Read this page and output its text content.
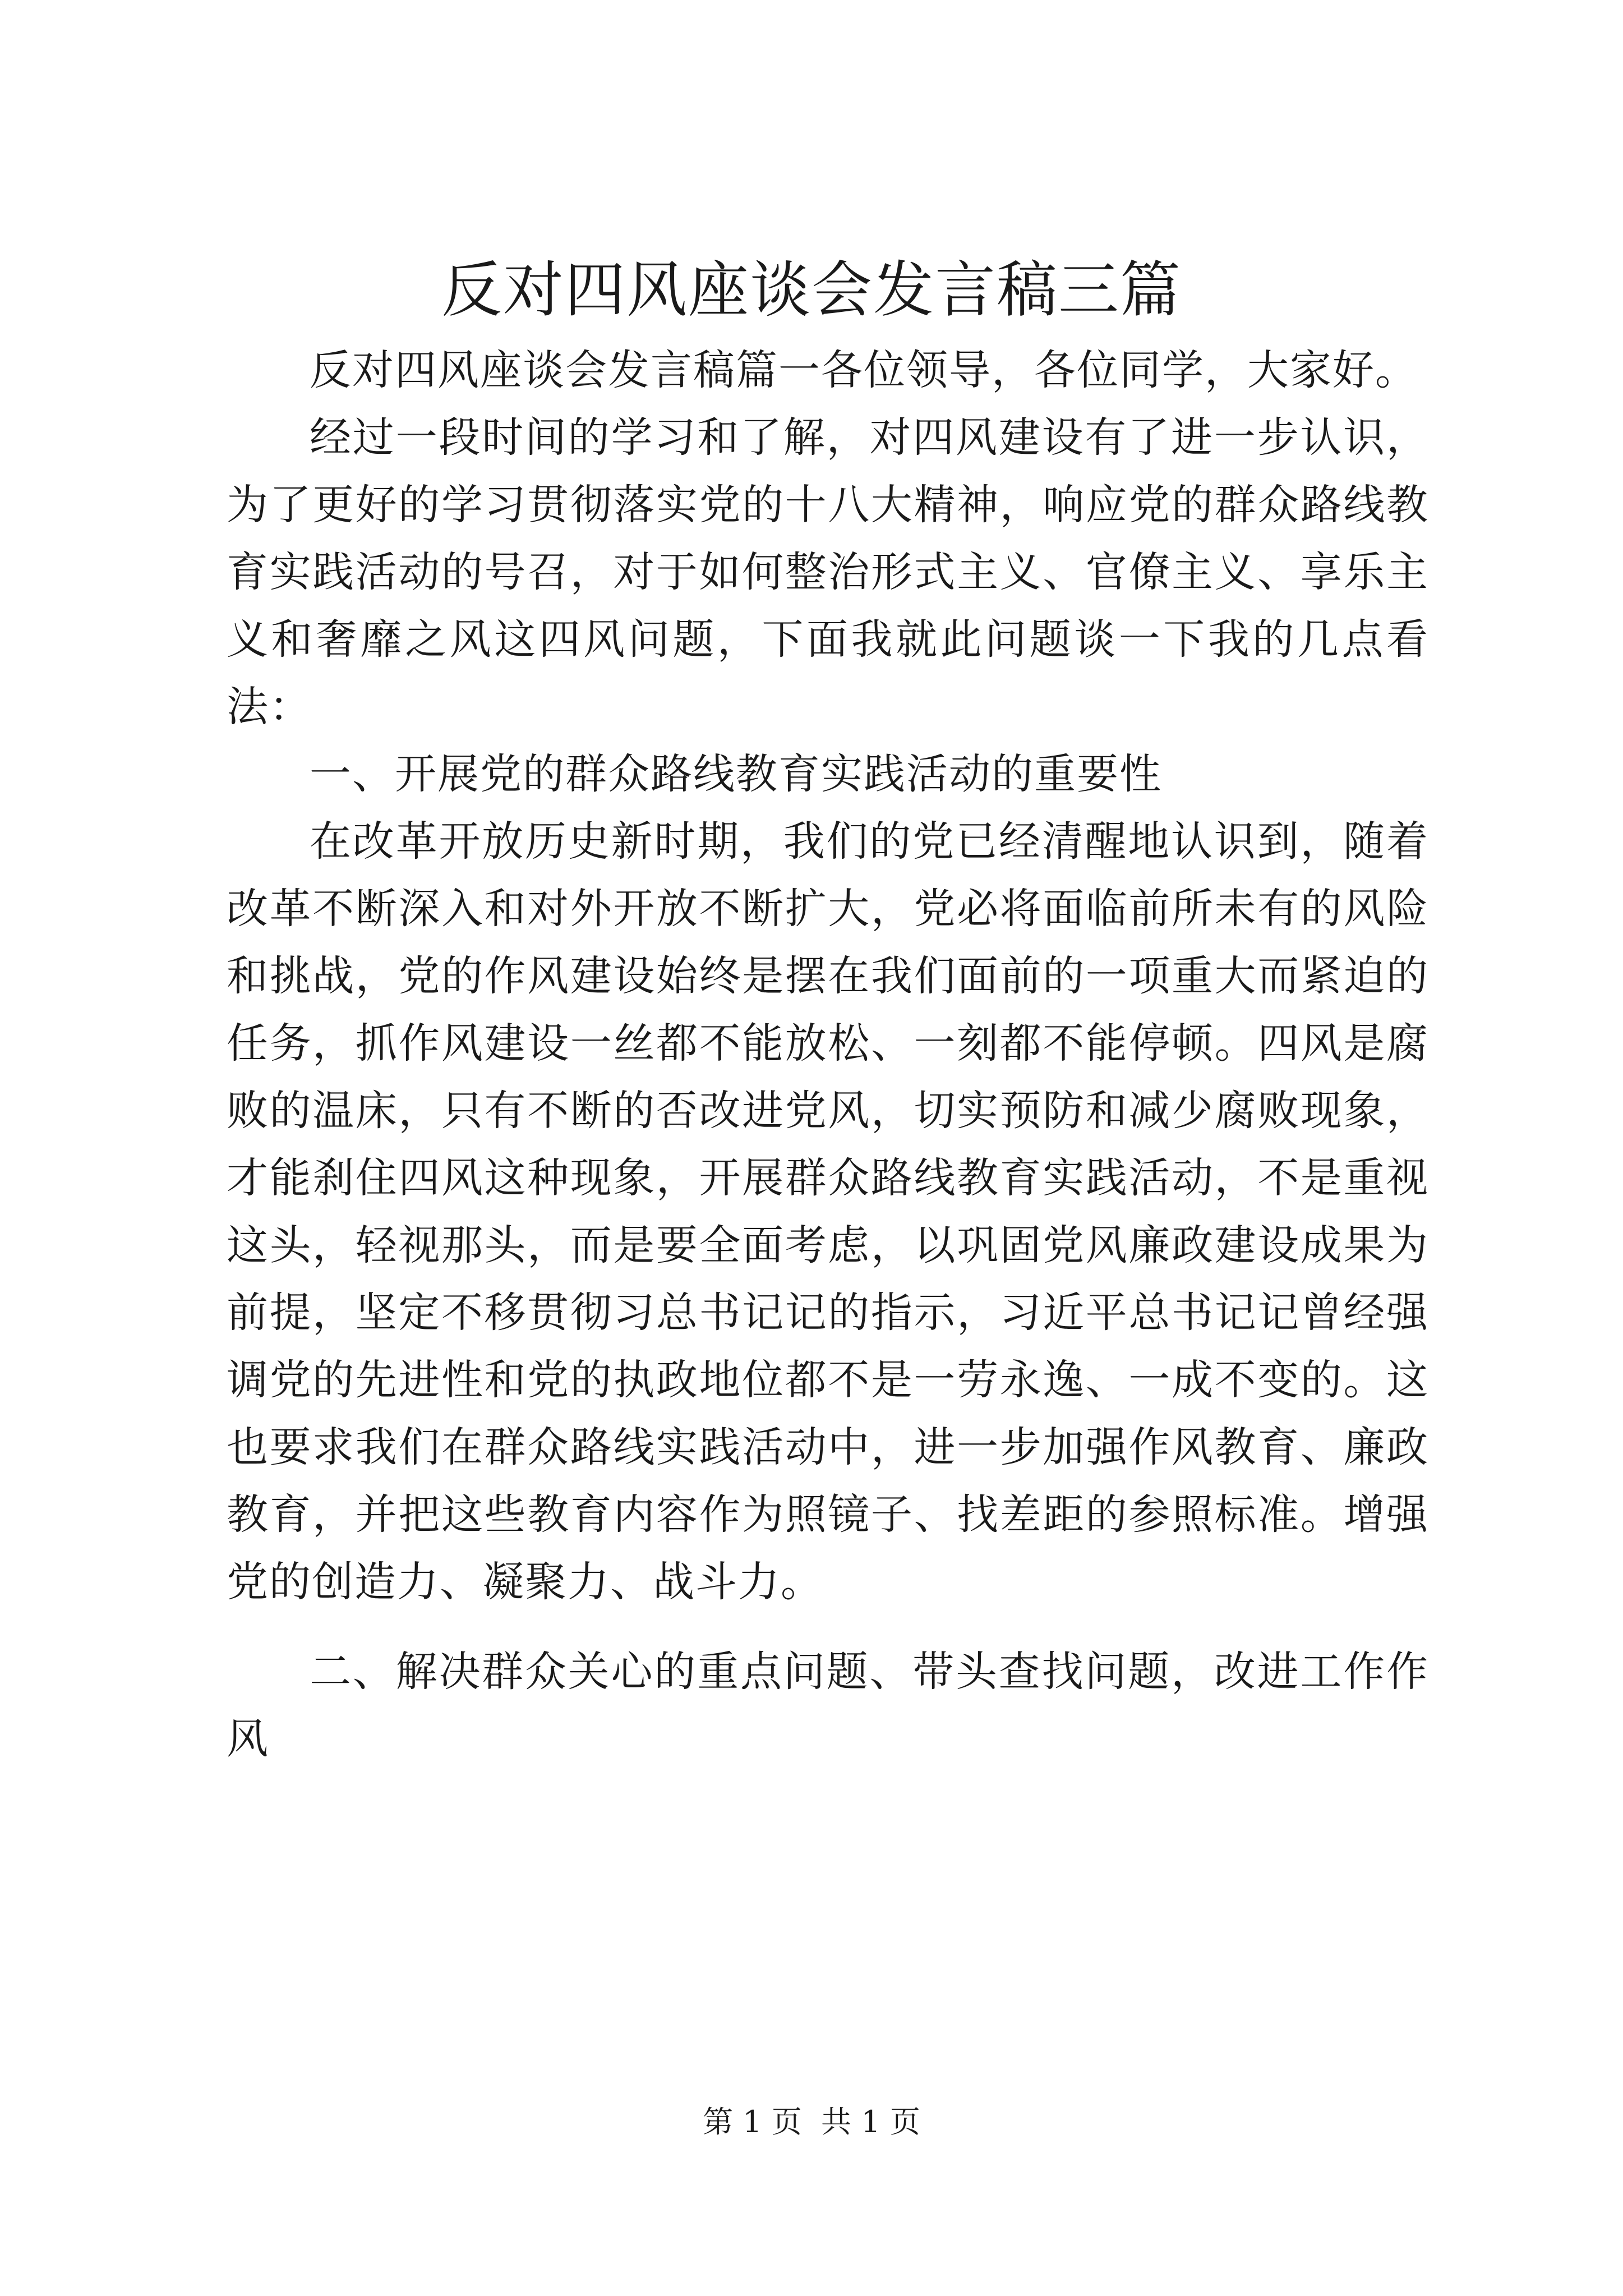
反对四风座谈会发言稿三篇

反对四风座谈会发言稿篇一各位领导，各位同学，大家好。

经过一段时间的学习和了解，对四风建设有了进一步认识，为了更好的学习贯彻落实党的十八大精神，响应党的群众路线教育实践活动的号召，对于如何整治形式主义、官僚主义、享乐主义和奢靡之风这四风问题，下面我就此问题谈一下我的几点看法：

一、开展党的群众路线教育实践活动的重要性

在改革开放历史新时期，我们的党已经清醒地认识到，随着改革不断深入和对外开放不断扩大，党必将面临前所未有的风险和挑战，党的作风建设始终是摆在我们面前的一项重大而紧迫的任务，抓作风建设一丝都不能放松、一刻都不能停顿。四风是腐败的温床，只有不断的否改进党风，切实预防和减少腐败现象，才能刹住四风这种现象，开展群众路线教育实践活动，不是重视这头，轻视那头，而是要全面考虑，以巩固党风廉政建设成果为前提，坚定不移贯彻习总书记记的指示，习近平总书记记曾经强调党的先进性和党的执政地位都不是一劳永逸、一成不变的。这也要求我们在群众路线实践活动中，进一步加强作风教育、廉政教育，并把这些教育内容作为照镜子、找差距的参照标准。增强党的创造力、凝聚力、战斗力。

二、解决群众关心的重点问题、带头查找问题，改进工作作风

第 1 页  共 1 页
